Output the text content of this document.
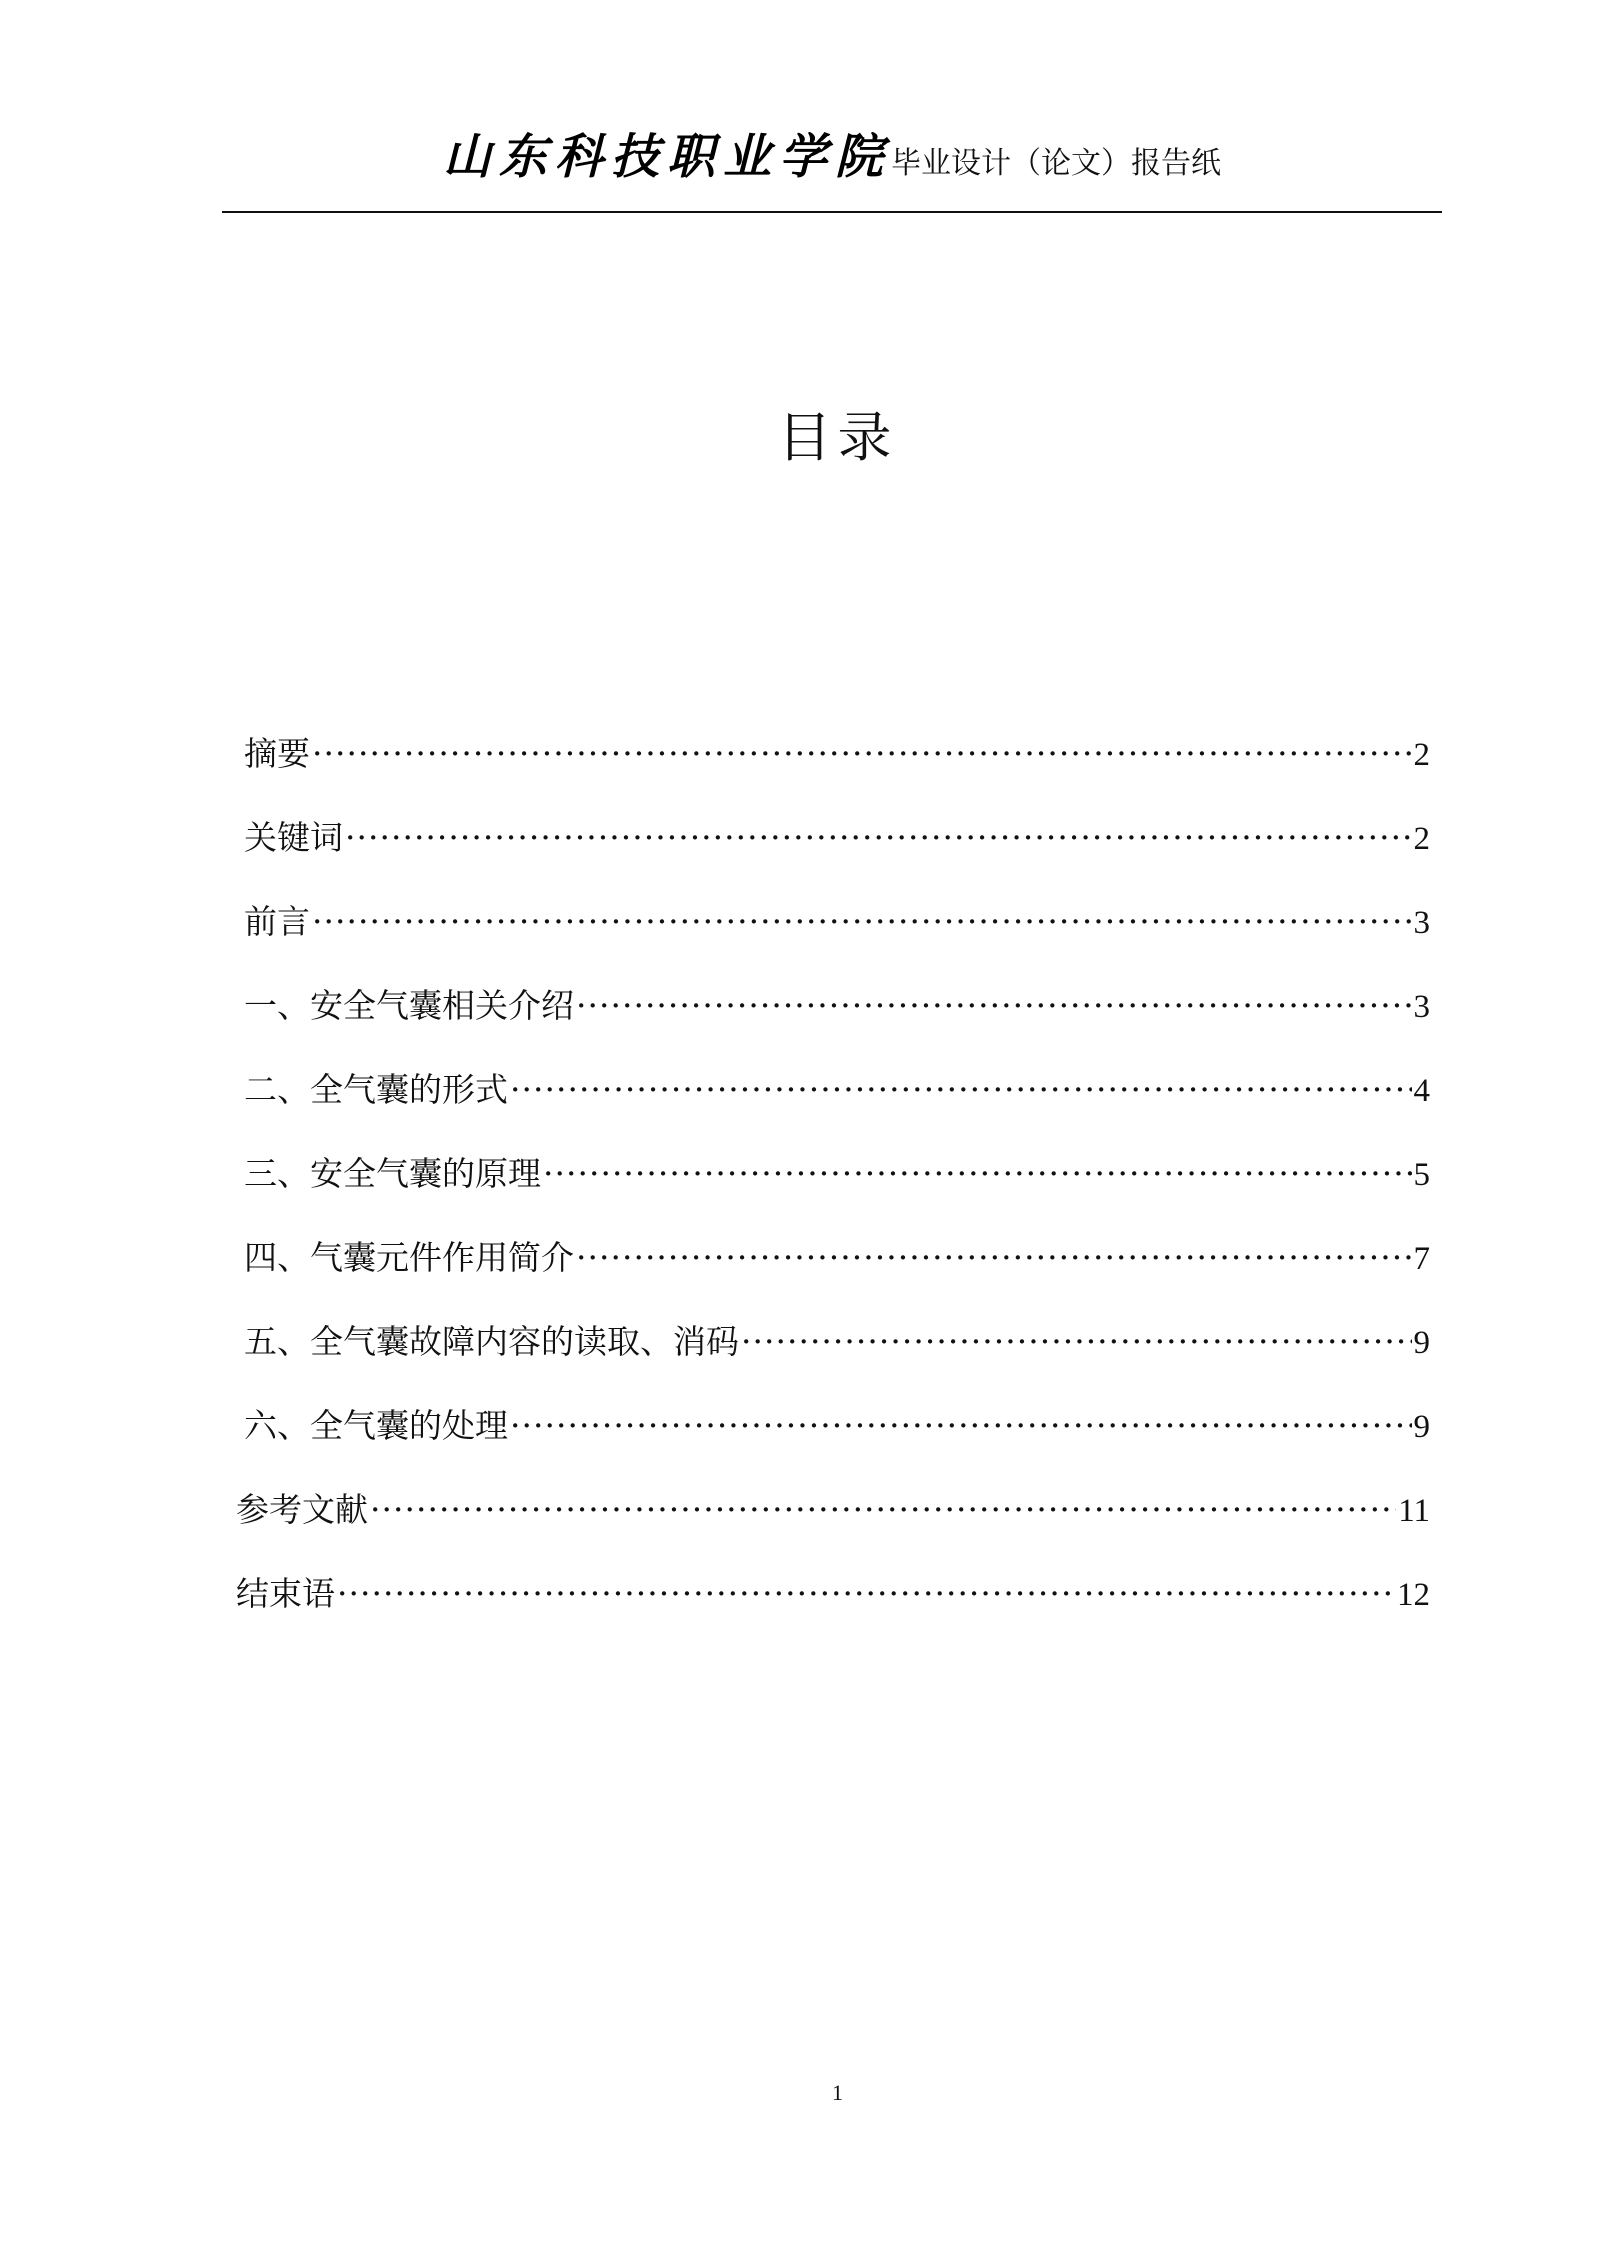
山东科技职业学院毕业设计（论文）报告纸
目录
摘要 ·····	2
关键词 ·····	2
前言 ·····	3
一、安全气囊相关介绍 ·····	3
二、全气囊的形式 ·····	4
三、安全气囊的原理 ·····	5
四、气囊元件作用简介 ·····	7
五、全气囊故障内容的读取、消码 ·····	9
六、全气囊的处理 ·····	9
参考文献 ·····	11
结束语 ·····	12
1
